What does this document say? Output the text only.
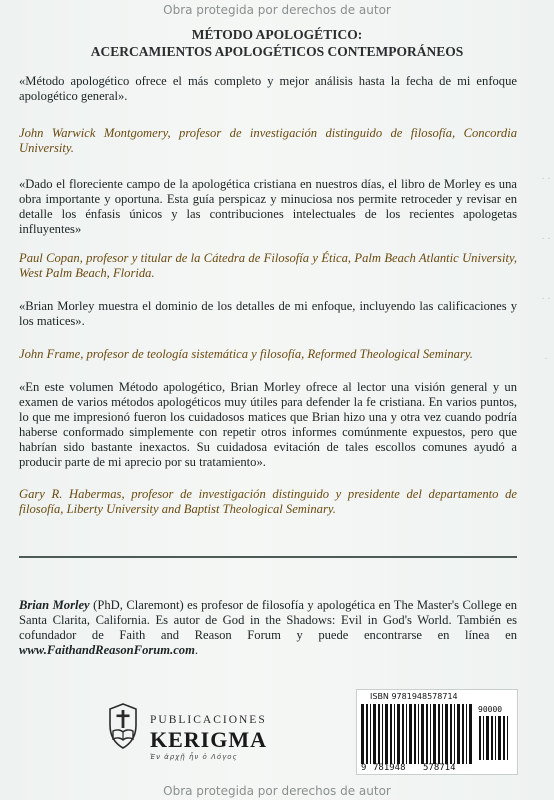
Obra protegida por derechos de autor
MÉTODO APOLOGÉTICO:
ACERCAMIENTOS APOLOGÉTICOS CONTEMPORÁNEOS
«Método apologético ofrece el más completo y mejor análisis hasta la fecha de mi enfoque apologético general».
John Warwick Montgomery, profesor de investigación distinguido de filosofía, Concordia University.
«Dado el floreciente campo de la apologética cristiana en nuestros días, el libro de Morley es una obra importante y oportuna. Esta guía perspicaz y minuciosa nos permite retroceder y revisar en detalle los énfasis únicos y las contribuciones intelectuales de los recientes apologetas influyentes»
Paul Copan, profesor y titular de la Cátedra de Filosofía y Ética, Palm Beach Atlantic University, West Palm Beach, Florida.
«Brian Morley muestra el dominio de los detalles de mi enfoque, incluyendo las calificaciones y los matices».
John Frame, profesor de teología sistemática y filosofía, Reformed Theological Seminary.
«En este volumen Método apologético, Brian Morley ofrece al lector una visión general y un examen de varios métodos apologéticos muy útiles para defender la fe cristiana. En varios puntos, lo que me impresionó fueron los cuidadosos matices que Brian hizo una y otra vez cuando podría haberse conformado simplemente con repetir otros informes comúnmente expuestos, pero que habrían sido bastante inexactos. Su cuidadosa evitación de tales escollos comunes ayudó a producir parte de mi aprecio por su tratamiento».
Gary R. Habermas, profesor de investigación distinguido y presidente del departamento de filosofía, Liberty University and Baptist Theological Seminary.
Brian Morley (PhD, Claremont) es profesor de filosofía y apologética en The Master's College en Santa Clarita, California. Es autor de God in the Shadows: Evil in God's World. También es cofundador de Faith and Reason Forum y puede encontrarse en línea en www.FaithandReasonForum.com.
· · · · · · ·
PUBLICACIONES
KERIGMA
Ἐν ἀρχῇ ἦν ὁ Λόγος
ISBN 9781948578714
90000
9 781948 578714
Obra protegida por derechos de autor
